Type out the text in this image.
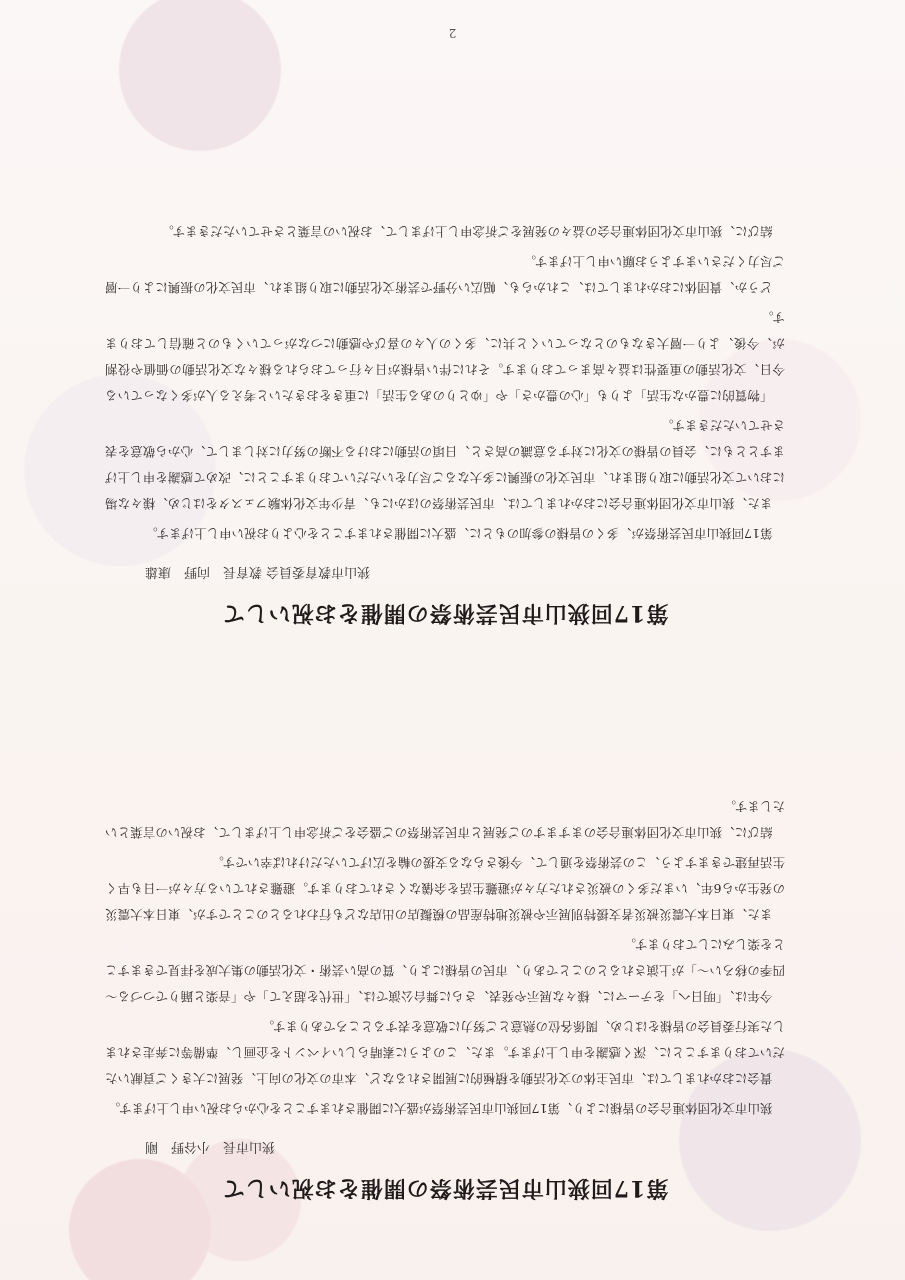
第17回狭山市民芸術祭の開催をお祝いして
狭山市長　小谷野　剛

狭山市文化団体連合会の皆様により、第17回狭山市民芸術祭が盛大に開催されますことを心からお祝い申し上げます。

貴会におかれましては、市民主体の文化活動を積極的に展開されるなど、本市の文化の向上、発展に大きくご貢献いただいておりますことに、深く感謝を申し上げます。また、このように素晴らしいイベントを企画し、準備等に奔走されました実行委員会の皆様をはじめ、関係各位の熱意とご努力に敬意を表するところであります。

今年は、「明日へ」をテーマに、様々な展示や発表、さらに舞台公演では、「世代を超えて」や「音楽と踊りでつづる～四季の移ろい～」が上演されるとのことであり、市民の皆様により、質の高い芸術・文化活動の集大成を拝見できますことを楽しみにしております。

また、東日本大震災被災者支援特別展示や被災地特産品の模擬店の出店なども行われるとのことですが、東日本大震災の発生から6年、いまだ多くの被災された方々が避難生活を余儀なくされております。避難されている方々が一日も早く生活再建できますよう、この芸術祭を通して、今後さらなる支援の輪を広げていただければ幸いです。

結びに、狭山市文化団体連合会のますますのご発展と市民芸術祭のご盛会をご祈念申し上げまして、お祝いの言葉といたします。

第17回狭山市民芸術祭の開催をお祝いして
狭山市教育委員会 教育長　向野　康雄

第17回狭山市民芸術祭が、多くの皆様の参加のもとに、盛大に開催されますことを心よりお祝い申し上げます。

また、狭山市文化団体連合会におかれましては、市民芸術祭のほかにも、青少年文化体験フェスタをはじめ、様々な場において文化活動に取り組まれ、市民文化の振興に多大なるご尽力をいただいておりますことに、改めて感謝を申し上げますとともに、会員の皆様の文化に対する意識の高さと、日頃の活動における不断の努力に対しまして、心から敬意を表させていただきます。

「物質的に豊かな生活」よりも「心の豊かさ」や「ゆとりのある生活」に重きをおきたいと考える人が多くなっている今日、文化活動の重要性は益々高まっております。それに伴い皆様が日々行っておられる様々な文化活動の価値や役割が、今後、より一層大きなものとなっていくと共に、多くの人々の喜びや感動につながっていくものと確信しております。

どうか、貴団体におかれましては、これからも、幅広い分野で芸術文化活動に取り組まれ、市民文化の振興により一層ご尽力くださいますようお願い申し上げます。

結びに、狭山市文化団体連合会の益々の発展をご祈念申し上げまして、お祝いの言葉とさせていただきます。

2
